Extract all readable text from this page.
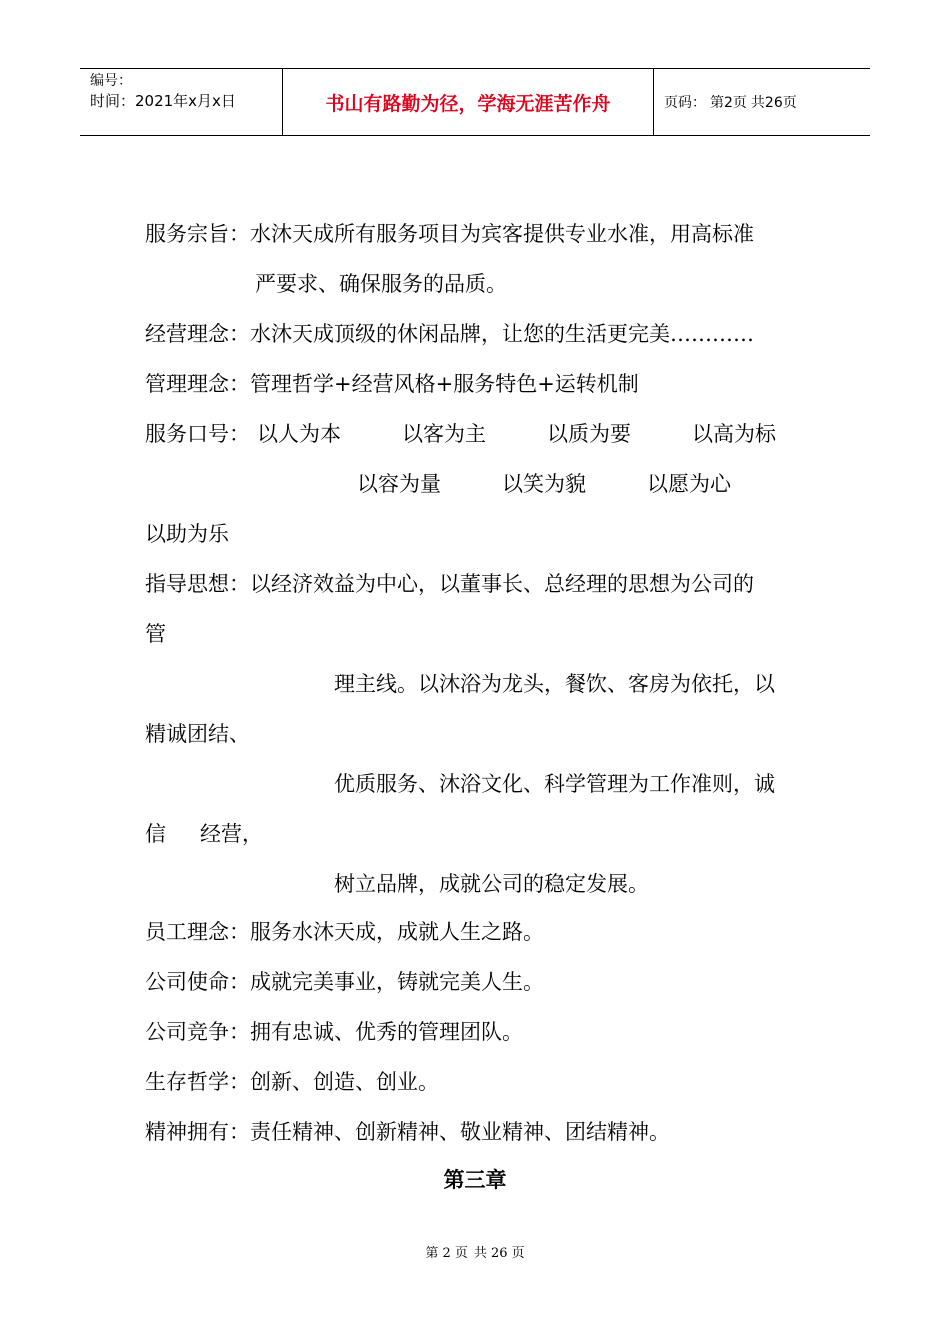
编号：
时间：2021年x月x日	书山有路勤为径，学海无涯苦作舟	页码： 第2页 共26页
服务宗旨：水沐天成所有服务项目为宾客提供专业水准，用高标准
严要求、确保服务的品质。
经营理念：水沐天成顶级的休闲品牌，让您的生活更完美…………
管理理念：管理哲学+经营风格+服务特色+运转机制
服务口号： 以人为本	以客为主	以质为要	以高为标
以容为量	以笑为貌	以愿为心
以助为乐
指导思想：以经济效益为中心，以董事长、总经理的思想为公司的
管
理主线。以沐浴为龙头，餐饮、客房为依托，以
精诚团结、
优质服务、沐浴文化、科学管理为工作准则，诚
信 经营，
树立品牌，成就公司的稳定发展。
员工理念：服务水沐天成，成就人生之路。
公司使命：成就完美事业，铸就完美人生。
公司竞争：拥有忠诚、优秀的管理团队。
生存哲学：创新、创造、创业。
精神拥有：责任精神、创新精神、敬业精神、团结精神。
第三章
第 2 页 共 26 页
